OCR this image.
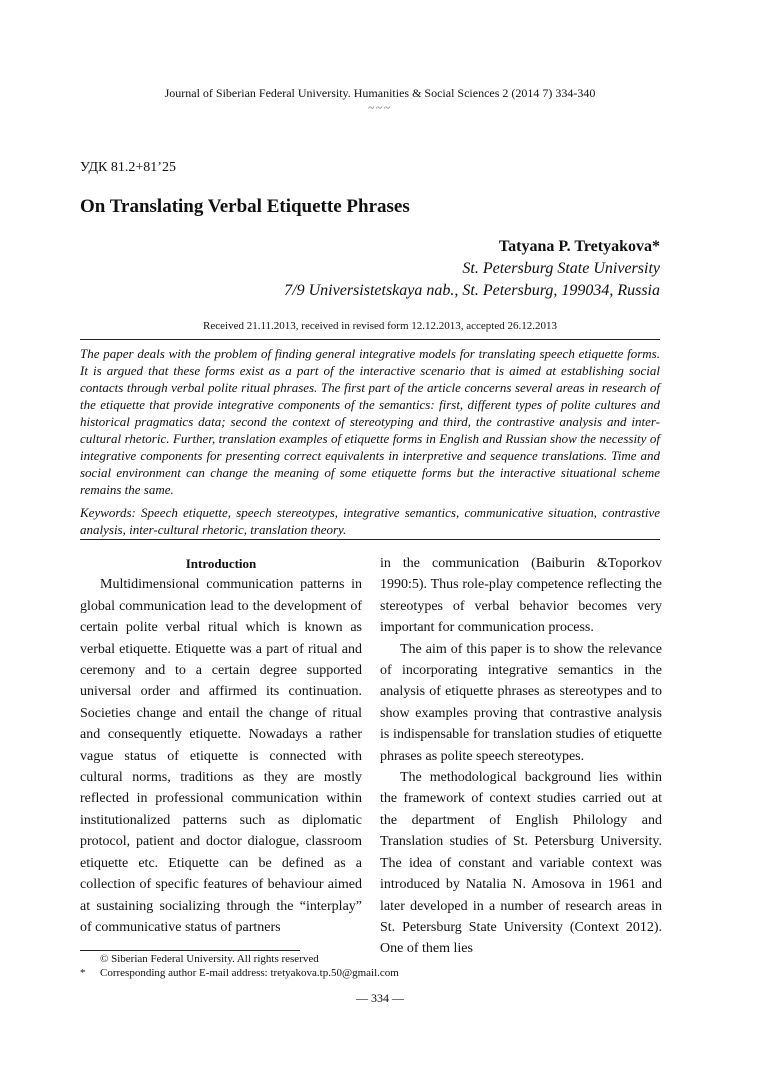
Journal of Siberian Federal University. Humanities & Social Sciences 2 (2014 7) 334-340
~~~
УДК 81.2+81’25
On Translating Verbal Etiquette Phrases
Tatyana P. Tretyakova*
St. Petersburg State University
7/9 Universistetskaya nab., St. Petersburg, 199034, Russia
Received 21.11.2013, received in revised form 12.12.2013, accepted 26.12.2013

The paper deals with the problem of finding general integrative models for translating speech etiquette forms. It is argued that these forms exist as a part of the interactive scenario that is aimed at establishing social contacts through verbal polite ritual phrases. The first part of the article concerns several areas in research of the etiquette that provide integrative components of the semantics: first, different types of polite cultures and historical pragmatics data; second the context of stereotyping and third, the contrastive analysis and inter-cultural rhetoric. Further, translation examples of etiquette forms in English and Russian show the necessity of integrative components for presenting correct equivalents in interpretive and sequence translations. Time and social environment can change the meaning of some etiquette forms but the interactive situational scheme remains the same.

Keywords: Speech etiquette, speech stereotypes, integrative semantics, communicative situation, contrastive analysis, inter-cultural rhetoric, translation theory.

Introduction

Multidimensional communication patterns in global communication lead to the development of certain polite verbal ritual which is known as verbal etiquette. Etiquette was a part of ritual and ceremony and to a certain degree supported universal order and affirmed its continuation. Societies change and entail the change of ritual and consequently etiquette. Nowadays a rather vague status of etiquette is connected with cultural norms, traditions as they are mostly reflected in professional communication within institutionalized patterns such as diplomatic protocol, patient and doctor dialogue, classroom etiquette etc. Etiquette can be defined as a collection of specific features of behaviour aimed at sustaining socializing through the “interplay” of communicative status of partners

in the communication (Baiburin &Toporkov 1990:5). Thus role-play competence reflecting the stereotypes of verbal behavior becomes very important for communication process.

The aim of this paper is to show the relevance of incorporating integrative semantics in the analysis of etiquette phrases as stereotypes and to show examples proving that contrastive analysis is indispensable for translation studies of etiquette phrases as polite speech stereotypes.

The methodological background lies within the framework of context studies carried out at the department of English Philology and Translation studies of St. Petersburg University. The idea of constant and variable context was introduced by Natalia N. Amosova in 1961 and later developed in a number of research areas in St. Petersburg State University (Context 2012). One of them lies

© Siberian Federal University. All rights reserved
* Corresponding author E-mail address: tretyakova.tp.50@gmail.com
— 334 —
